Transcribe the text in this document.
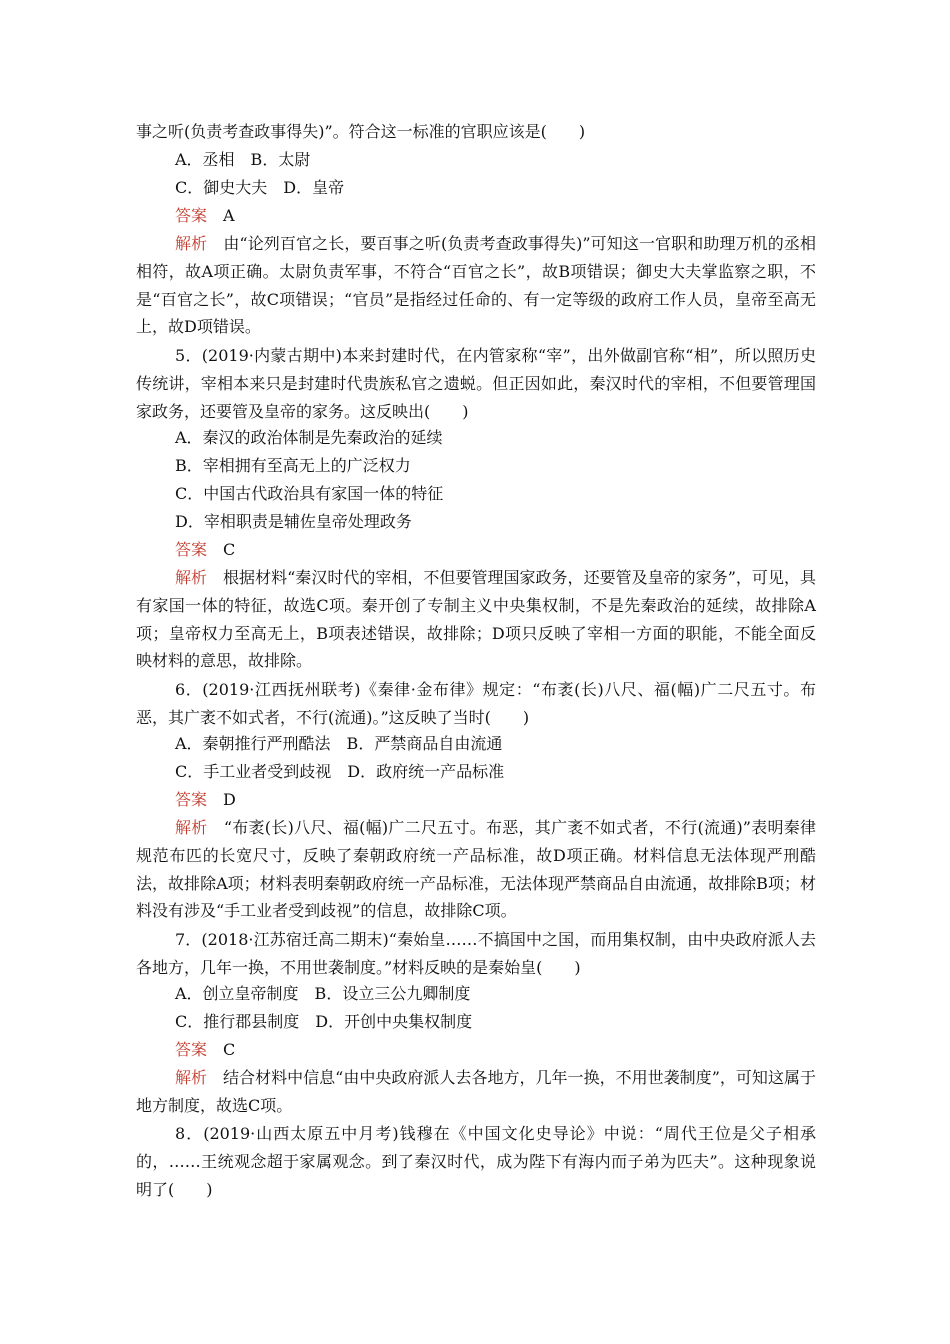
事之听(负责考查政事得失)”。符合这一标准的官职应该是(　　)
A．丞相　B．太尉
C．御史大夫　D．皇帝
答案　A
解析　由“论列百官之长，要百事之听(负责考查政事得失)”可知这一官职和助理万机的丞相相符，故A项正确。太尉负责军事，不符合“百官之长”，故B项错误；御史大夫掌监察之职，不是“百官之长”，故C项错误；“官员”是指经过任命的、有一定等级的政府工作人员，皇帝至高无上，故D项错误。
5．(2019·内蒙古期中)本来封建时代，在内管家称“宰”，出外做副官称“相”，所以照历史传统讲，宰相本来只是封建时代贵族私官之遗蜕。但正因如此，秦汉时代的宰相，不但要管理国家政务，还要管及皇帝的家务。这反映出(　　)
A．秦汉的政治体制是先秦政治的延续
B．宰相拥有至高无上的广泛权力
C．中国古代政治具有家国一体的特征
D．宰相职责是辅佐皇帝处理政务
答案　C
解析　根据材料“秦汉时代的宰相，不但要管理国家政务，还要管及皇帝的家务”，可见，具有家国一体的特征，故选C项。秦开创了专制主义中央集权制，不是先秦政治的延续，故排除A项；皇帝权力至高无上，B项表述错误，故排除；D项只反映了宰相一方面的职能，不能全面反映材料的意思，故排除。
6．(2019·江西抚州联考)《秦律·金布律》规定：“布袤(长)八尺、福(幅)广二尺五寸。布恶，其广袤不如式者，不行(流通)。”这反映了当时(　　)
A．秦朝推行严刑酷法　B．严禁商品自由流通
C．手工业者受到歧视　D．政府统一产品标准
答案　D
解析　“布袤(长)八尺、福(幅)广二尺五寸。布恶，其广袤不如式者，不行(流通)”表明秦律规范布匹的长宽尺寸，反映了秦朝政府统一产品标准，故D项正确。材料信息无法体现严刑酷法，故排除A项；材料表明秦朝政府统一产品标准，无法体现严禁商品自由流通，故排除B项；材料没有涉及“手工业者受到歧视”的信息，故排除C项。
7．(2018·江苏宿迁高二期末)“秦始皇……不搞国中之国，而用集权制，由中央政府派人去各地方，几年一换，不用世袭制度。”材料反映的是秦始皇(　　)
A．创立皇帝制度　B．设立三公九卿制度
C．推行郡县制度　D．开创中央集权制度
答案　C
解析　结合材料中信息“由中央政府派人去各地方，几年一换，不用世袭制度”，可知这属于地方制度，故选C项。
8．(2019·山西太原五中月考)钱穆在《中国文化史导论》中说：“周代王位是父子相承的，……王统观念超于家属观念。到了秦汉时代，成为陛下有海内而子弟为匹夫”。这种现象说明了(　　)
